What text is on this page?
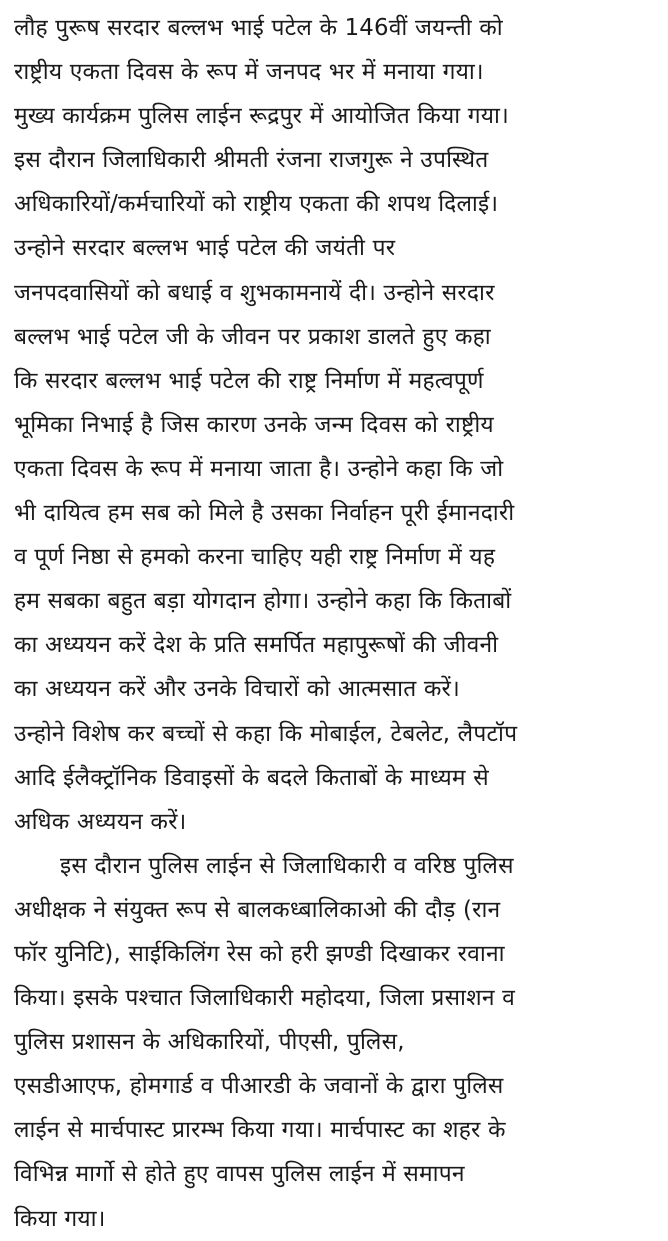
लौह पुरूष सरदार बल्लभ भाई पटेल के 146वीं जयन्ती को
राष्ट्रीय एकता दिवस के रूप में जनपद भर में मनाया गया।
मुख्य कार्यक्रम पुलिस लाईन रूद्रपुर में आयोजित किया गया।
इस दौरान जिलाधिकारी श्रीमती रंजना राजगुरू ने उपस्थित
अधिकारियों/कर्मचारियों को राष्ट्रीय एकता की शपथ दिलाई।
उन्होने सरदार बल्लभ भाई पटेल की जयंती पर
जनपदवासियों को बधाई व शुभकामनायें दी। उन्होने सरदार
बल्लभ भाई पटेल जी के जीवन पर प्रकाश डालते हुए कहा
कि सरदार बल्लभ भाई पटेल की राष्ट्र निर्माण में महत्वपूर्ण
भूमिका निभाई है जिस कारण उनके जन्म दिवस को राष्ट्रीय
एकता दिवस के रूप में मनाया जाता है। उन्होने कहा कि जो
भी दायित्व हम सब को मिले है उसका निर्वाहन पूरी ईमानदारी
व पूर्ण निष्ठा से हमको करना चाहिए यही राष्ट्र निर्माण में यह
हम सबका बहुत बड़ा योगदान होगा। उन्होने कहा कि किताबों
का अध्ययन करें देश के प्रति समर्पित महापुरूषों की जीवनी
का अध्ययन करें और उनके विचारों को आत्मसात करें।
उन्होने विशेष कर बच्चों से कहा कि मोबाईल, टेबलेट, लैपटॉप
आदि ईलैक्ट्रॉनिक डिवाइसों के बदले किताबों के माध्यम से
अधिक अध्ययन करें।
इस दौरान पुलिस लाईन से जिलाधिकारी व वरिष्ठ पुलिस
अधीक्षक ने संयुक्त रूप से बालकध्बालिकाओ की दौड़ (रान
फॉर युनिटि), साईकिलिंग रेस को हरी झण्डी दिखाकर रवाना
किया। इसके पश्चात जिलाधिकारी महोदया, जिला प्रसाशन व
पुलिस प्रशासन के अधिकारियों, पीएसी, पुलिस,
एसडीआएफ, होमगार्ड व पीआरडी के जवानों के द्वारा पुलिस
लाईन से मार्चपास्ट प्रारम्भ किया गया। मार्चपास्ट का शहर के
विभिन्न मार्गो से होते हुए वापस पुलिस लाईन में समापन
किया गया।
